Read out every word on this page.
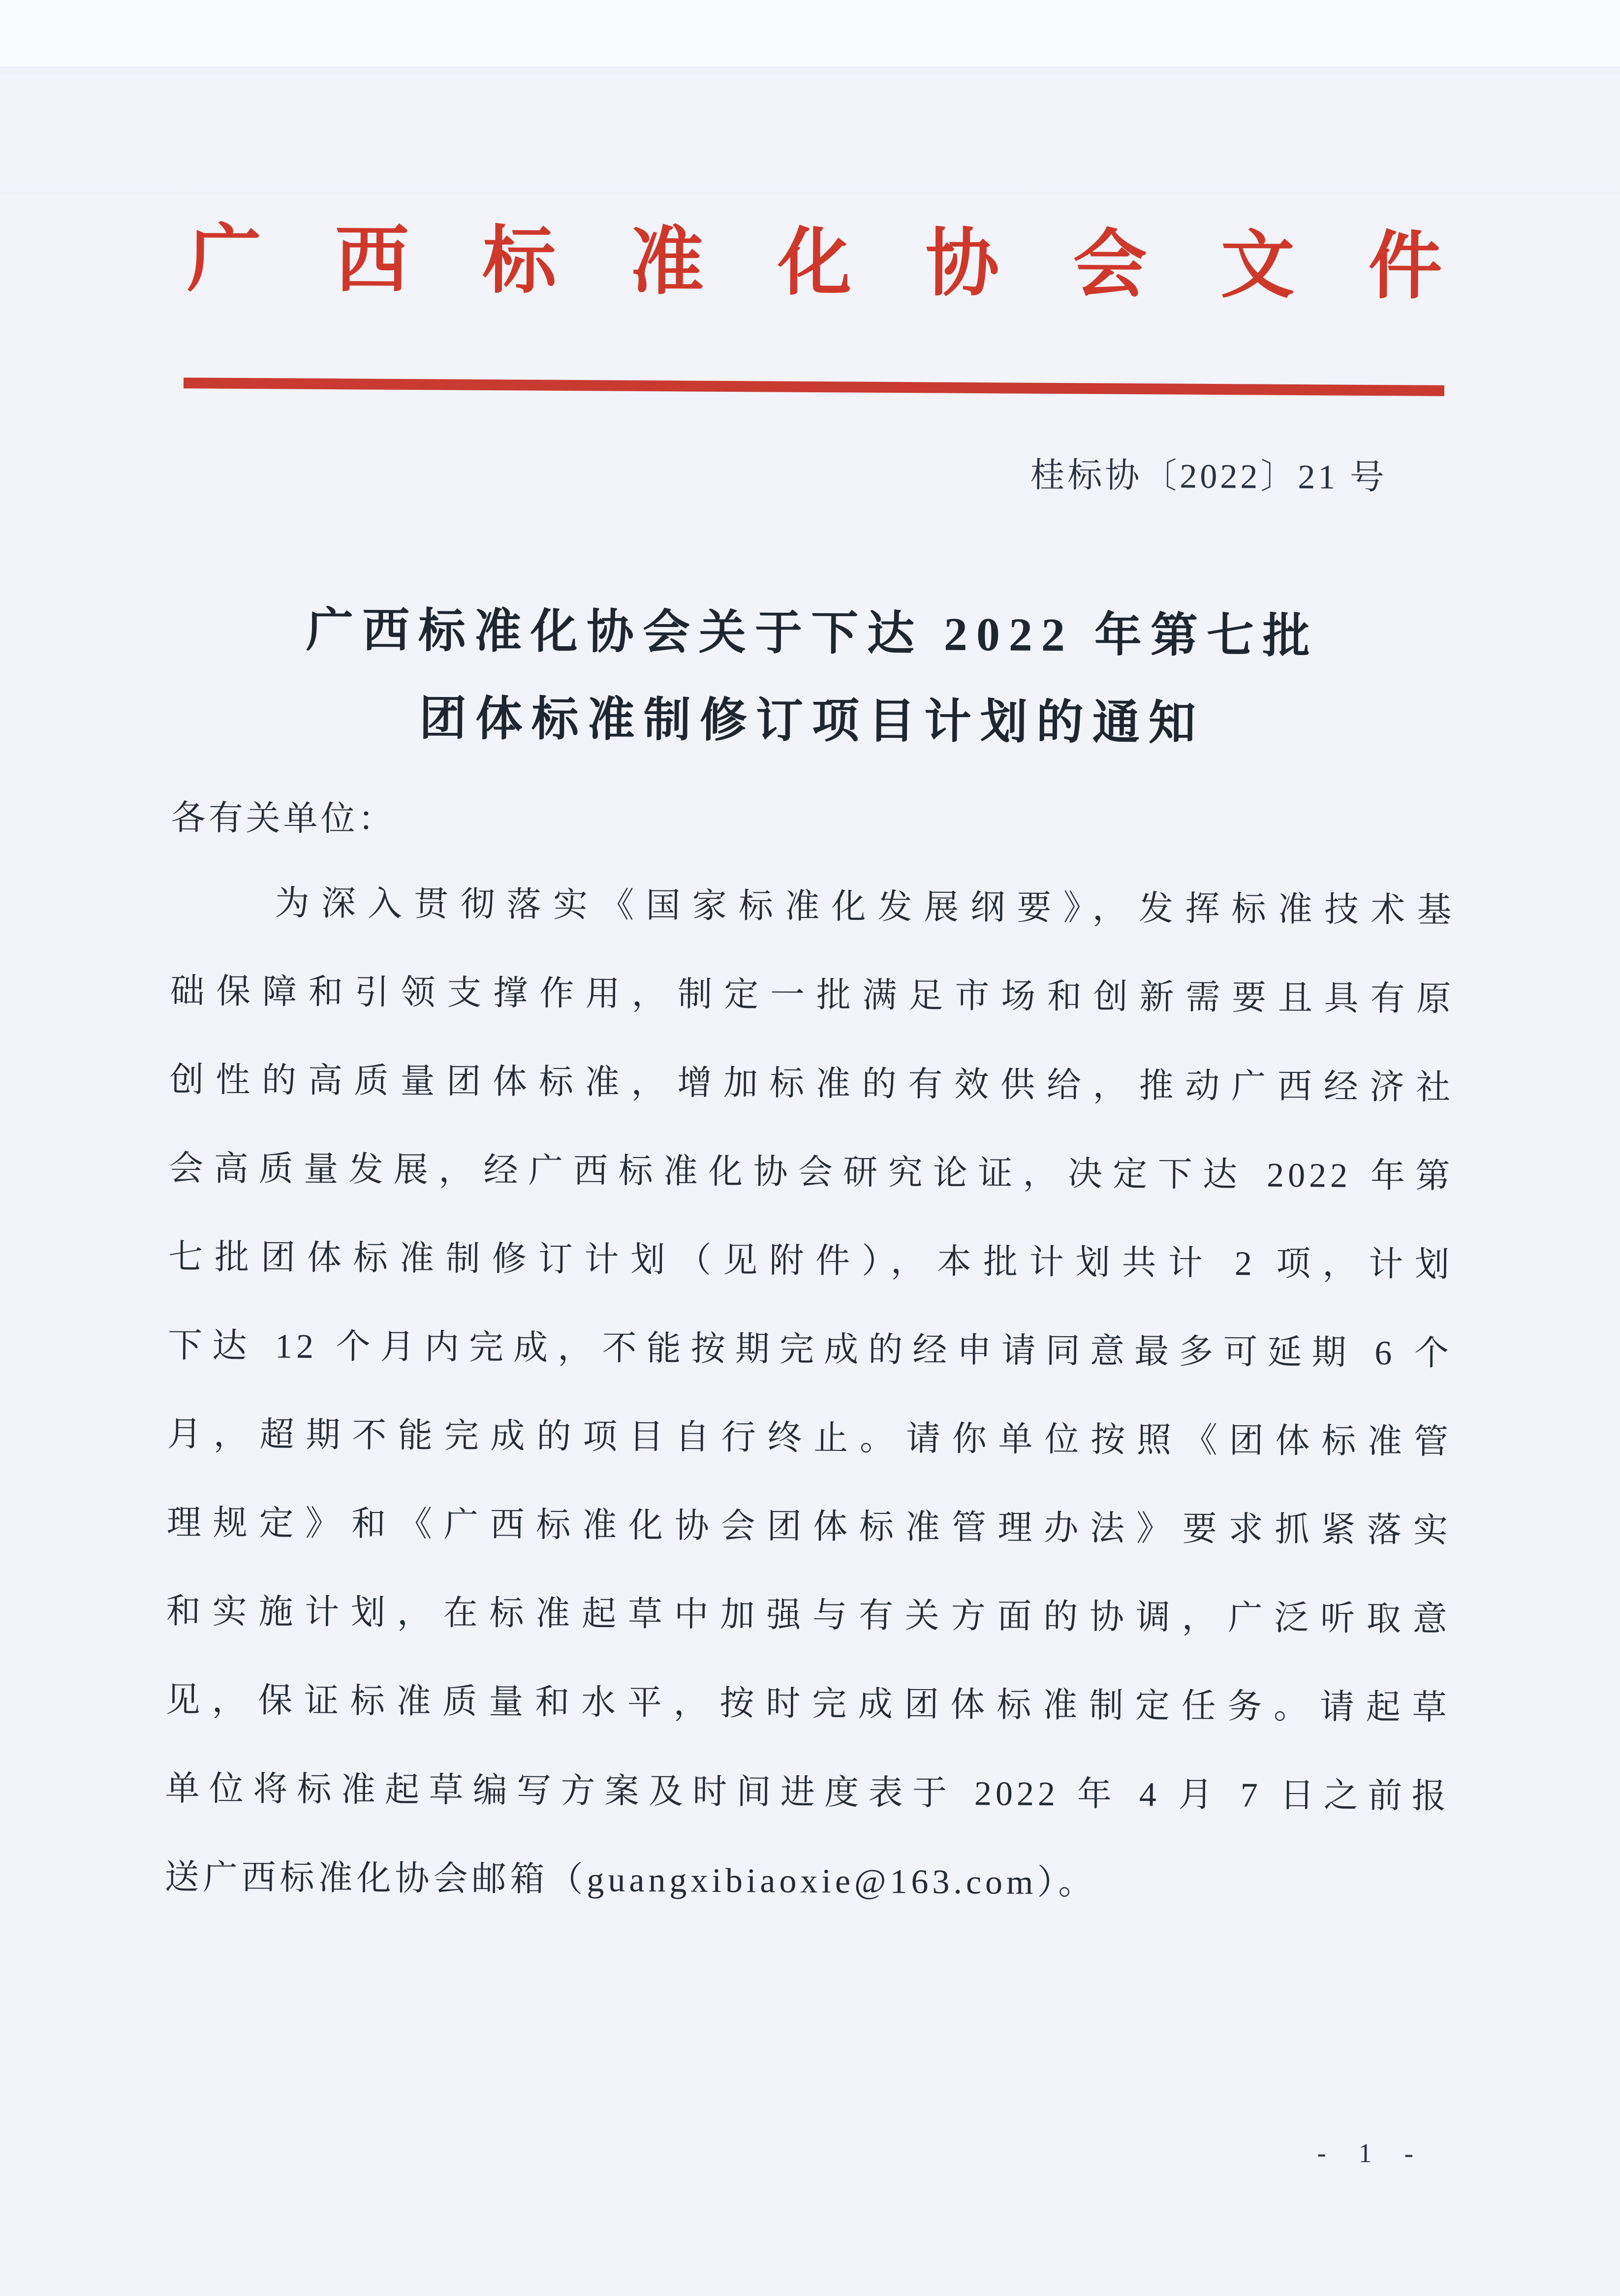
广西标准化协会文件
桂标协〔2022〕21 号
广西标准化协会关于下达 2022 年第七批
团体标准制修订项目计划的通知
各有关单位：
为深入贯彻落实《国家标准化发展纲要》，发挥标准技术基
础保障和引领支撑作用，制定一批满足市场和创新需要且具有原
创性的高质量团体标准，增加标准的有效供给，推动广西经济社
会高质量发展，经广西标准化协会研究论证，决定下达 2022 年第
七批团体标准制修订计划（见附件），本批计划共计 2 项，计划
下达 12 个月内完成，不能按期完成的经申请同意最多可延期 6 个
月，超期不能完成的项目自行终止。请你单位按照《团体标准管
理规定》和《广西标准化协会团体标准管理办法》要求抓紧落实
和实施计划，在标准起草中加强与有关方面的协调，广泛听取意
见，保证标准质量和水平，按时完成团体标准制定任务。请起草
单位将标准起草编写方案及时间进度表于 2022 年 4 月 7 日之前报
送广西标准化协会邮箱（guangxibiaoxie@163.com）。
- 1 -
